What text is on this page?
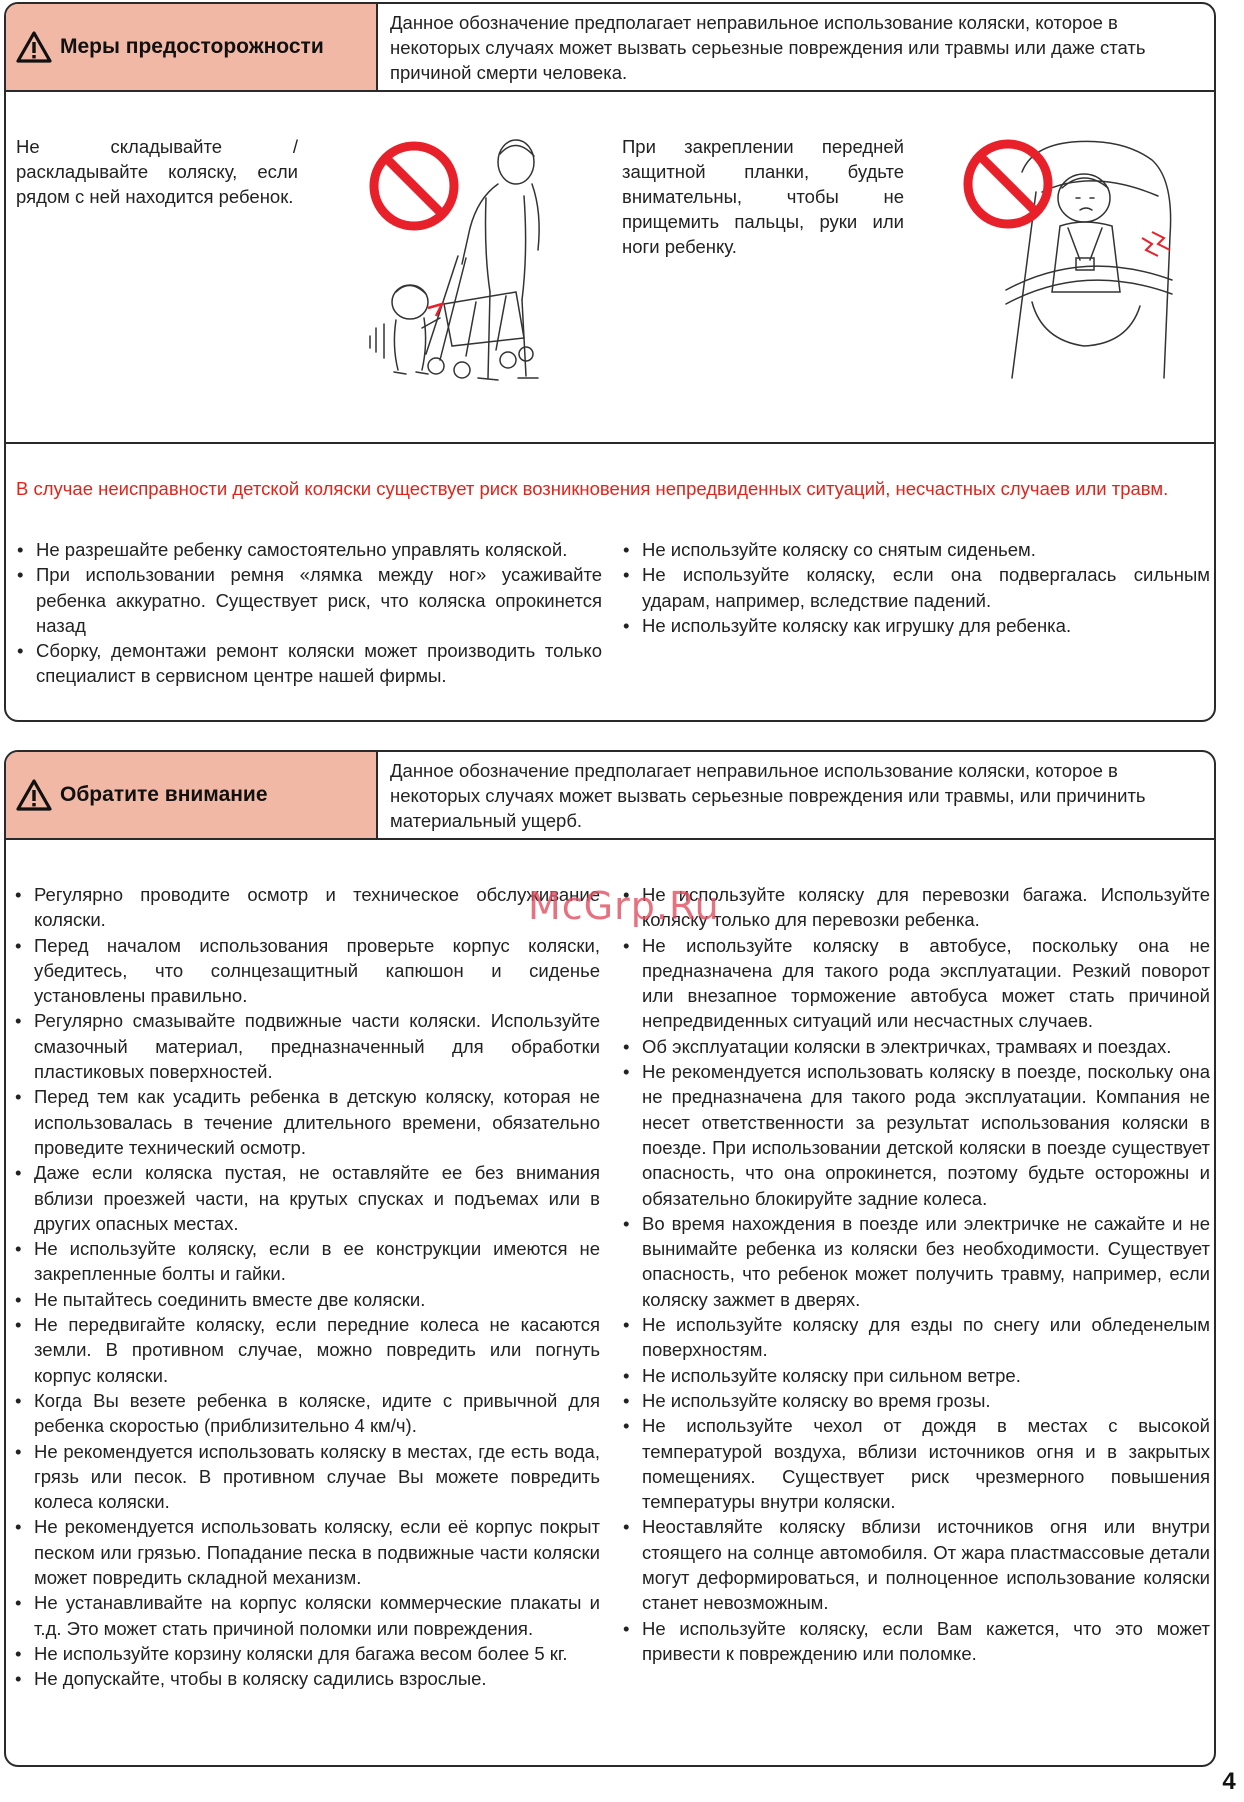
Меры предосторожности
Данное обозначение предполагает неправильное использование коляски, которое в некоторых случаях может вызвать серьезные повреждения или травмы или даже стать причиной смерти человека.
Не складывайте / раскладывайте коляску, если рядом с ней находится ребенок.
При закреплении передней защитной планки, будьте внимательны, чтобы не прищемить пальцы, руки или ноги ребенку.
В случае неисправности детской коляски существует риск возникновения непредвиденных ситуаций, несчастных случаев или травм.
• Не разрешайте ребенку самостоятельно управлять коляской.
• При использовании ремня «лямка между ног» усаживайте ребенка аккуратно. Существует риск, что коляска опрокинется назад
• Сборку, демонтажи ремонт коляски может производить только специалист в сервисном центре нашей фирмы.
• Не используйте коляску со снятым сиденьем.
• Не используйте коляску, если она подвергалась сильным ударам, например, вследствие падений.
• Не используйте коляску как игрушку для ребенка.
Обратите внимание
Данное обозначение предполагает неправильное использование коляски, которое в некоторых случаях может вызвать серьезные повреждения или травмы, или причинить материальный ущерб.
• Регулярно проводите осмотр и техническое обслуживание коляски.
• Перед началом использования проверьте корпус коляски, убедитесь, что солнцезащитный капюшон и сиденье установлены правильно.
• Регулярно смазывайте подвижные части коляски. Используйте смазочный материал, предназначенный для обработки пластиковых поверхностей.
• Перед тем как усадить ребенка в детскую коляску, которая не использовалась в течение длительного времени, обязательно проведите технический осмотр.
• Даже если коляска пустая, не оставляйте ее без внимания вблизи проезжей части, на крутых спусках и подъемах или в других опасных местах.
• Не используйте коляску, если в ее конструкции имеются не закрепленные болты и гайки.
• Не пытайтесь соединить вместе две коляски.
• Не передвигайте коляску, если передние колеса не касаются земли. В противном случае, можно повредить или погнуть корпус коляски.
• Когда Вы везете ребенка в коляске, идите с привычной для ребенка скоростью (приблизительно 4 км/ч).
• Не рекомендуется использовать коляску в местах, где есть вода, грязь или песок. В противном случае Вы можете повредить колеса коляски.
• Не рекомендуется использовать коляску, если её корпус покрыт песком или грязью. Попадание песка в подвижные части коляски может повредить складной механизм.
• Не устанавливайте на корпус коляски коммерческие плакаты и т.д. Это может стать причиной поломки или повреждения.
• Не используйте корзину коляски для багажа весом более 5 кг.
• Не допускайте, чтобы в коляску садились взрослые.
• Не используйте коляску для перевозки багажа. Используйте коляску только для перевозки ребенка.
• Не используйте коляску в автобусе, поскольку она не предназначена для такого рода эксплуатации. Резкий поворот или внезапное торможение автобуса может стать причиной непредвиденных ситуаций или несчастных случаев.
• Об эксплуатации коляски в электричках, трамваях и поездах.
• Не рекомендуется использовать коляску в поезде, поскольку она не предназначена для такого рода эксплуатации. Компания не несет ответственности за результат использования коляски в поезде. При использовании детской коляски в поезде существует опасность, что она опрокинется, поэтому будьте осторожны и обязательно блокируйте задние колеса.
• Во время нахождения в поезде или электричке не сажайте и не вынимайте ребенка из коляски без необходимости. Существует опасность, что ребенок может получить травму, например, если коляску зажмет в дверях.
• Не используйте коляску для езды по снегу или обледенелым поверхностям.
• Не используйте коляску при сильном ветре.
• Не используйте коляску во время грозы.
• Не используйте чехол от дождя в местах с высокой температурой воздуха, вблизи источников огня и в закрытых помещениях. Существует риск чрезмерного повышения температуры внутри коляски.
• Неоставляйте коляску вблизи источников огня или внутри стоящего на солнце автомобиля. От жара пластмассовые детали могут деформироваться, и полноценное использование коляски станет невозможным.
• Не используйте коляску, если Вам кажется, что это может привести к повреждению или поломке.
McGrp.Ru
4
